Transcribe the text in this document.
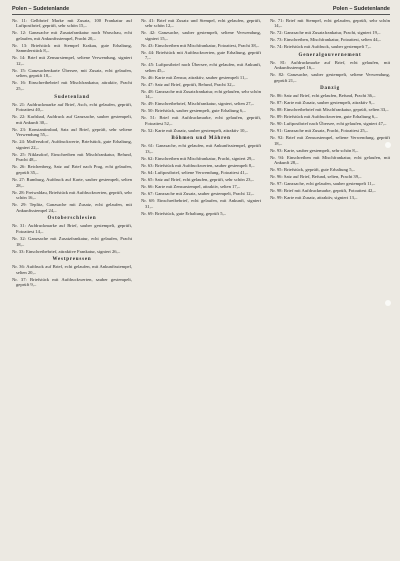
Polen – Sudetenlande	Polen – Sudetenlande

Nr. 11: Gelbbrief Marke mit Zusatz, 100 Frankatur auf Luftpostbrief, geprüft, sehr schön 15,–

Nr. 12: Ganzsache mit Zusatzfrankatur nach Warschau, echt gelaufen, mit Ankunftsstempel, Pracht 20,–

Nr. 13: Briefstück mit Stempel Krakau, gute Erhaltung, Sammlerstück 8,–

Nr. 14: Brief mit Zensurstempel, seltene Verwendung, signiert 12,–

Nr. 15: Ganzsachenkarte Übersee, mit Zusatz, echt gelaufen, selten, geprüft 18,–

Nr. 16: Einschreibebrief mit Mischfrankatur, attraktiv, Pracht 25,–

Sudetenland

Nr. 21: Aufdruckmarke auf Brief, Asch, echt gelaufen, geprüft, Fotoattest 40,–

Nr. 22: Karlsbad, Aufdruck auf Ganzsache, sauber gestempelt, mit Ankunft 30,–

Nr. 23: Konstantinsbad, Satz auf Brief, geprüft, sehr seltene Verwendung 55,–

Nr. 24: Maffersdorf, Aufdruckwerte, Briefstück, gute Erhaltung, signiert 22,–

Nr. 25: Niklasdorf, Einschreiben mit Mischfrankatur, Befund, Pracht 48,–

Nr. 26: Reichenberg, Satz auf Brief nach Prag, echt gelaufen, geprüft 35,–

Nr. 27: Rumburg, Aufdruck auf Karte, sauber gestempelt, selten 28,–

Nr. 28: Freiwaldau, Briefstück mit Aufdruckwerten, geprüft, sehr schön 16,–

Nr. 29: Teplitz, Ganzsache mit Zusatz, echt gelaufen, mit Ankunftsstempel 24,–

Ostoberschlesien

Nr. 31: Aufdruckmarke auf Brief, sauber gestempelt, geprüft, Fotoattest 14,–

Nr. 32: Ganzsache mit Zusatzfrankatur, echt gelaufen, Pracht 18,–

Nr. 33: Einschreibebrief, attraktive Frankatur, signiert 26,–

Westpreussen

Nr. 36: Aufdruck auf Brief, echt gelaufen, mit Ankunftsstempel, selten 20,–

Nr. 37: Briefstück mit Aufdruckwerten, sauber gestempelt, geprüft 9,–

Nr. 41: Brief mit Zusatz und Stempel, echt gelaufen, geprüft, sehr schön 12,–

Nr. 42: Ganzsache, sauber gestempelt, seltene Verwendung, signiert 15,–

Nr. 43: Einschreiben mit Mischfrankatur, Fotoattest, Pracht 38,–

Nr. 44: Briefstück mit Aufdruckwerten, gute Erhaltung, geprüft 7,–

Nr. 45: Luftpostbrief nach Übersee, echt gelaufen, mit Ankunft, selten 45,–

Nr. 46: Karte mit Zensur, attraktiv, sauber gestempelt 11,–

Nr. 47: Satz auf Brief, geprüft, Befund, Pracht 32,–

Nr. 48: Ganzsache mit Zusatzfrankatur, echt gelaufen, sehr schön 14,–

Nr. 49: Einschreibebrief, Mischfrankatur, signiert, selten 27,–

Nr. 50: Briefstück, sauber gestempelt, gute Erhaltung 6,–

Nr. 51: Brief mit Aufdruckmarke, echt gelaufen, geprüft, Fotoattest 52,–

Nr. 52: Karte mit Zusatz, sauber gestempelt, attraktiv 10,–

Böhmen und Mähren

Nr. 61: Ganzsache, echt gelaufen, mit Ankunftsstempel, geprüft 13,–

Nr. 62: Einschreiben mit Mischfrankatur, Pracht, signiert 29,–

Nr. 63: Briefstück mit Aufdruckwerten, sauber gestempelt 8,–

Nr. 64: Luftpostbrief, seltene Verwendung, Fotoattest 41,–

Nr. 65: Satz auf Brief, echt gelaufen, geprüft, sehr schön 23,–

Nr. 66: Karte mit Zensurstempel, attraktiv, selten 17,–

Nr. 67: Ganzsache mit Zusatz, sauber gestempelt, Pracht 12,–

Nr. 68: Einschreibebrief, echt gelaufen, mit Ankunft, signiert 31,–

Nr. 69: Briefstück, gute Erhaltung, geprüft 5,–

Nr. 71: Brief mit Stempel, echt gelaufen, geprüft, sehr schön 14,–

Nr. 72: Ganzsache mit Zusatzfrankatur, Pracht, signiert 19,–

Nr. 73: Einschreiben, Mischfrankatur, Fotoattest, selten 44,–

Nr. 74: Briefstück mit Aufdruck, sauber gestempelt 7,–

Generalgouvernement

Nr. 81: Aufdruckmarke auf Brief, echt gelaufen, mit Ankunftsstempel 16,–

Nr. 82: Ganzsache, sauber gestempelt, seltene Verwendung, geprüft 21,–

Danzig

Nr. 86: Satz auf Brief, echt gelaufen, Befund, Pracht 36,–

Nr. 87: Karte mit Zusatz, sauber gestempelt, attraktiv 9,–

Nr. 88: Einschreibebrief mit Mischfrankatur, geprüft, selten 33,–

Nr. 89: Briefstück mit Aufdruckwerten, gute Erhaltung 6,–

Nr. 90: Luftpostbrief nach Übersee, echt gelaufen, signiert 47,–

Nr. 91: Ganzsache mit Zusatz, Pracht, Fotoattest 25,–

Nr. 92: Brief mit Zensurstempel, seltene Verwendung, geprüft 18,–

Nr. 93: Karte, sauber gestempelt, sehr schön 8,–

Nr. 94: Einschreiben mit Mischfrankatur, echt gelaufen, mit Ankunft 28,–

Nr. 95: Briefstück, geprüft, gute Erhaltung 5,–

Nr. 96: Satz auf Brief, Befund, selten, Pracht 39,–

Nr. 97: Ganzsache, echt gelaufen, sauber gestempelt 11,–

Nr. 98: Brief mit Aufdruckmarke, geprüft, Fotoattest 42,–

Nr. 99: Karte mit Zusatz, attraktiv, signiert 13,–
